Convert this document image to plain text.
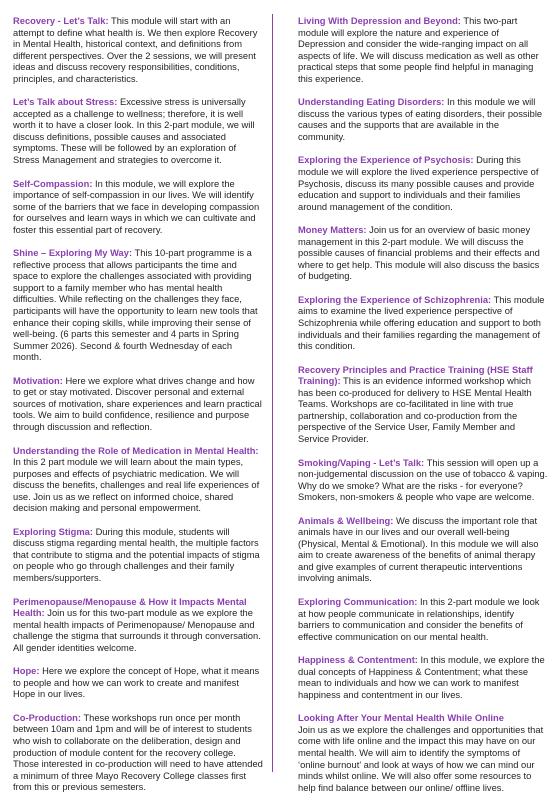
Recovery - Let’s Talk: This module will start with an attempt to define what health is. We then explore Recovery in Mental Health, historical context, and definitions from different perspectives. Over the 2 sessions, we will present ideas and discuss recovery responsibilities, conditions, principles, and characteristics.

Let’s Talk about Stress: Excessive stress is universally accepted as a challenge to wellness; therefore, it is well worth it to have a closer look. In this 2-part module, we will discuss definitions, possible causes and associated symptoms. These will be followed by an exploration of Stress Management and strategies to overcome it.

Self-Compassion: In this module, we will explore the importance of self-compassion in our lives. We will identify some of the barriers that we face in developing compassion for ourselves and learn ways in which we can cultivate and foster this essential part of recovery.

Shine – Exploring My Way: This 10-part programme is a reflective process that allows participants the time and space to explore the challenges associated with providing support to a family member who has mental health difficulties. While reflecting on the challenges they face, participants will have the opportunity to learn new tools that enhance their coping skills, while improving their sense of well-being. (6 parts this semester and 4 parts in Spring Summer 2026). Second & fourth Wednesday of each month.

Motivation: Here we explore what drives change and how to get or stay motivated. Discover personal and external sources of motivation, share experiences and learn practical tools. We aim to build confidence, resilience and purpose through discussion and reflection.

Understanding the Role of Medication in Mental Health: In this 2 part module we will learn about the main types, purposes and effects of psychiatric medication. We will discuss the benefits, challenges and real life experiences of use. Join us as we reflect on informed choice, shared decision making and personal empowerment.

Exploring Stigma: During this module, students will discuss stigma regarding mental health, the multiple factors that contribute to stigma and the potential impacts of stigma on people who go through challenges and their family members/supporters.

Perimenopause/Menopause & How it Impacts Mental Health: Join us for this two-part module as we explore the mental health impacts of Perimenopause/ Menopause and challenge the stigma that surrounds it through conversation. All gender identities welcome.

Hope: Here we explore the concept of Hope, what it means to people and how we can work to create and manifest Hope in our lives.

Co-Production: These workshops run once per month between 10am and 1pm and will be of interest to students who wish to collaborate on the deliberation, design and production of module content for the recovery college. Those interested in co-production will need to have attended a minimum of three Mayo Recovery College classes first from this or previous semesters.

Living With Depression and Beyond: This two-part module will explore the nature and experience of Depression and consider the wide-ranging impact on all aspects of life. We will discuss medication as well as other practical steps that some people find helpful in managing this experience.

Understanding Eating Disorders: In this module we will discuss the various types of eating disorders, their possible causes and the supports that are available in the community.

Exploring the Experience of Psychosis: During this module we will explore the lived experience perspective of Psychosis, discuss its many possible causes and provide education and support to individuals and their families around management of the condition.

Money Matters: Join us for an overview of basic money management in this 2-part module. We will discuss the possible causes of financial problems and their effects and where to get help. This module will also discuss the basics of budgeting.

Exploring the Experience of Schizophrenia: This module aims to examine the lived experience perspective of Schizophrenia while offering education and support to both individuals and their families regarding the management of this condition.

Recovery Principles and Practice Training (HSE Staff Training): This is an evidence informed workshop which has been co-produced for delivery to HSE Mental Health Teams. Workshops are co-facilitated in line with true partnership, collaboration and co-production from the perspective of the Service User, Family Member and Service Provider.

Smoking/Vaping - Let’s Talk: This session will open up a non-judgemental discussion on the use of tobacco & vaping. Why do we smoke? What are the risks - for everyone? Smokers, non-smokers & people who vape are welcome.

Animals & Wellbeing: We discuss the important role that animals have in our lives and our overall well-being (Physical, Mental & Emotional). In this module we will also aim to create awareness of the benefits of animal therapy and give examples of current therapeutic interventions involving animals.

Exploring Communication: In this 2-part module we look at how people communicate in relationships, identify barriers to communication and consider the benefits of effective communication on our mental health.

Happiness & Contentment: In this module, we explore the dual concepts of Happiness & Contentment; what these mean to individuals and how we can work to manifest happiness and contentment in our lives.

Looking After Your Mental Health While Online
Join us as we explore the challenges and opportunities that come with life online and the impact this may have on our mental health. We will aim to identify the symptoms of ‘online burnout’ and look at ways of how we can mind our minds whilst online. We will also offer some resources to help find balance between our online/ offline lives.
